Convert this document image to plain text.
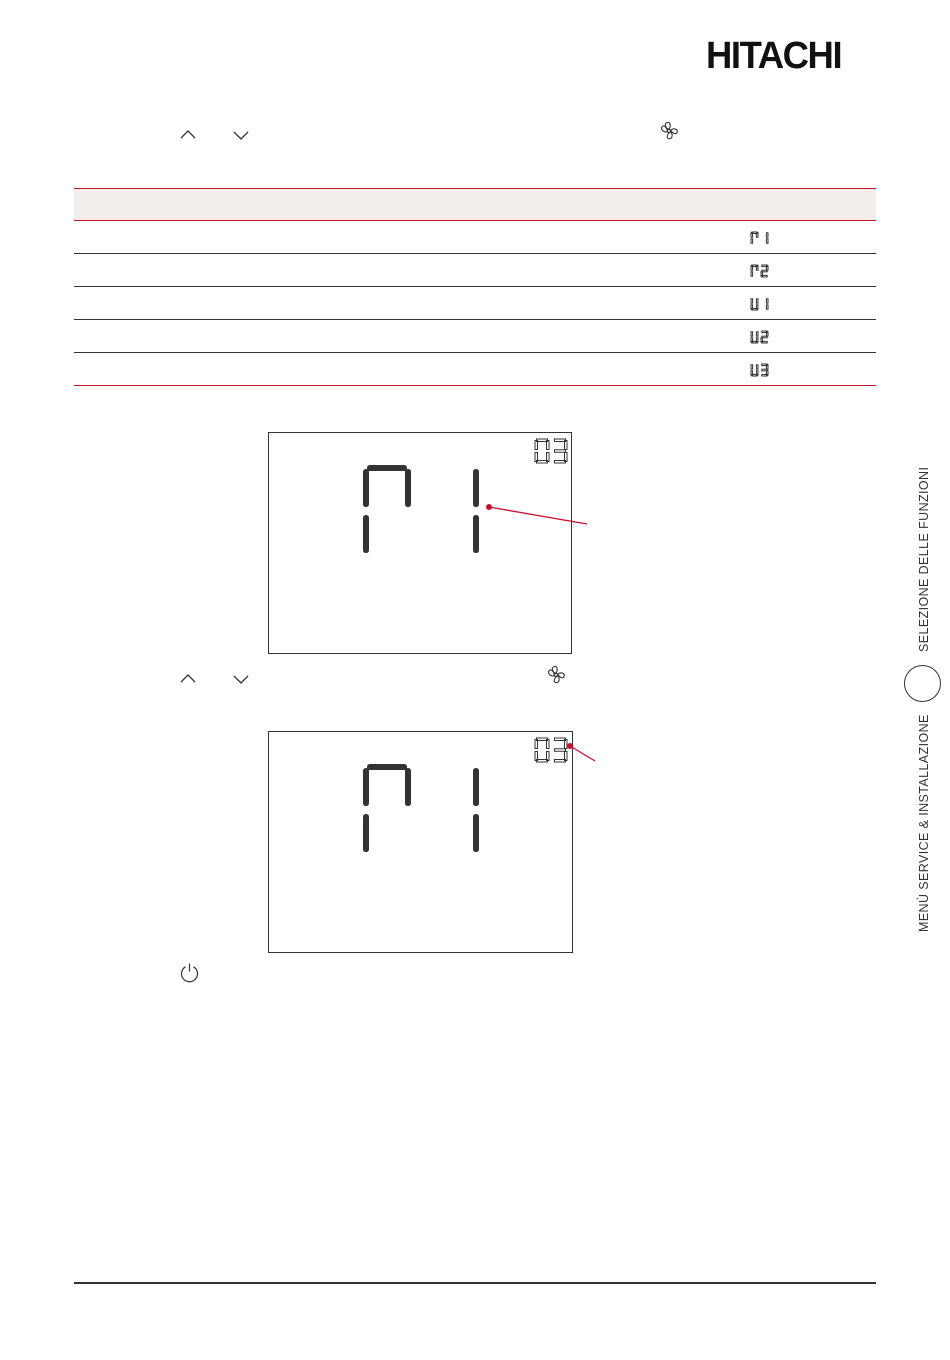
HITACHI
SELEZIONE DELLE FUNZIONI
MENÙ SERVICE & INSTALLAZIONE
